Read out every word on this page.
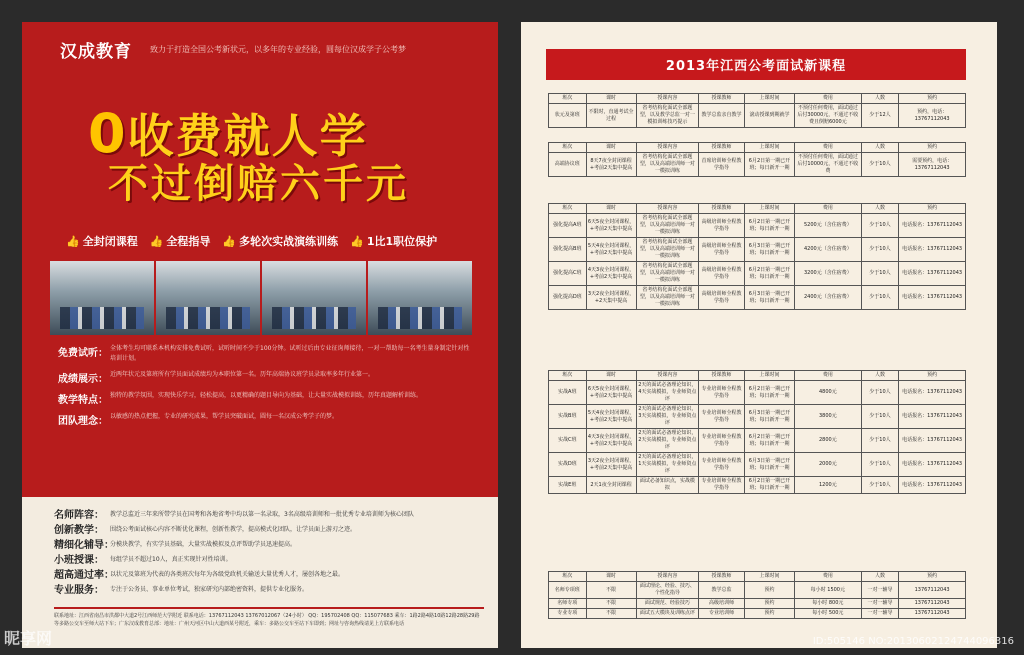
汉成教育 致力于打造全国公考新状元，以多年的专业经验，圆每位汉成学子公考梦
0收费就人学
不过倒赔六千元
👍 全封闭课程 👍 全程指导 👍 多轮次实战演练训练 👍 1比1职位保护
免费试听： 全体考生均可联系本机构安排免费试听，试听时间不少于100分钟。试听过后由专业征询师接待，一对一帮助每一名考生量身制定针对性培训计划。
成绩展示： 近两年状元及第班所有学员面试成绩均为本职位第一名。历年高端协议班学员录取率多年行业第一。
教学特点： 独特的教学氛围，实现快乐学习，轻松提高，以更精确的题目导向为基础，让大量实战模拟训练，历年真题解析训练。
团队理念： 以敏感的热点把握，专业的研究成果，帮学员突破面试，圆每一名汉成公考学子的梦。
名师阵容：	教学总监近三年来所带学员在国考和各地省考中均以第一名录取，3名高级培训师和一批优秀专业培训师为核心团队
创新教学：	围绕公考面试核心内容不断优化课程，创新性教学，提高模式化团队，让学员面上游刃之迹。
精细化辅导：
分模块教学，有实学员基础，大量实战模拟及点评帮助学员迅速提高。
小班授课：	每组学员不超过10人，真正实现针对性培训。
超高通过率：
以状元及第班为代表的各类班次每年为各级党政机关输送大量优秀人才，屡创各地之最。
专业服务：	专注于公务员、事业单位考试，独家研究内部绝密资料，提供专业化服务。
联系地址：江西省南昌市洪都中大道2号江西师范大学附近 联系电话：13767112043 13767012067（24小时） QQ：195702408 QQ：115077683 乘车：1路2路4路10路12路28路29路等多路公交车至师大站下车；广东汉成教育总部：地址：广州天河区中山大道西某号附近，乘车：多路公交车至站下车即到；网址与咨询热线请见上方联系电话
2013年江西公考面试新课程
班次	课时	授课内容	授课教师	上课时间	费用	人数	预约
状元及第班	不限时，直通考试全过程	省考结构化面试全部题型，以及教学总监一对一模拟训练技巧提示	教学总监亲自教学	滚动授课到期就学	不预付任何费用，面试通过后付30000元，不通过不收费且倒赔6000元	少于12人	预约，电话：13767112043
班次	课时	授课内容	授课教师	上课时间	费用	人数	预约
高端协议班	8天7夜全封闭课程+考前2天集中提高	省考结构化面试全部题型，以及高端培训师一对一模拟训练	首席培训师全程教学指导	6月2日第一期已开班；每日新开一期	不预付任何费用，面试通过后付10000元，不通过不收费	少于10人	需要预约，电话：13767112043
班次	课时	授课内容	授课教师	上课时间	费用	人数	预约
强化提高A班	6天5夜全封闭课程，+考前2天集中提高	省考结构化面试全部题型，以及高端培训师一对一模拟训练	高级培训师全程教学指导	6月2日第一期已开班；每日新开一期	5200元（含住宿费）	少于10人	电话报名：13767112043
强化提高B班	5天4夜全封闭课程，+考前2天集中提高	省考结构化面试全部题型，以及高端培训师一对一模拟训练	高级培训师全程教学指导	6月3日第一期已开班；每日新开一期	4200元（含住宿费）	少于10人	电话报名：13767112043
强化提高C班	4天3夜全封闭课程，+考前2天集中提高	省考结构化面试全部题型，以及高端培训师一对一模拟训练	高级培训师全程教学指导	6月2日第一期已开班；每日新开一期	3200元（含住宿费）	少于10人	电话报名：13767112043
强化提高D班	3天2夜全封闭课程，+2天集中提高	省考结构化面试全部题型，以及高端培训师一对一模拟训练	高级培训师全程教学指导	6月3日第一期已开班；每日新开一期	2400元（含住宿费）	少于10人	电话报名：13767112043
班次	课时	授课内容	授课教师	上课时间	费用	人数	预约
实战A班	6天5夜全封闭课程，+考前2天集中提高	2天的面试必备理论知识，4天实战模拟，专业师资点评	专业培训师全程教学指导	6月2日第一期已开班；每日新开一期	4800元	少于10人	电话报名：13767112043
实战B班	5天4夜全封闭课程，+考前2天集中提高	2天的面试必备理论知识，3天实战模拟，专业师资点评	专业培训师全程教学指导	6月3日第一期已开班；每日新开一期	3800元	少于10人	电话报名：13767112043
实战C班	4天3夜全封闭课程，+考前2天集中提高	2天的面试必备理论知识，2天实战模拟，专业师资点评	专业培训师全程教学指导	6月2日第一期已开班；每日新开一期	2800元	少于10人	电话报名：13767112043
实战D班	3天2夜全封闭课程，+考前2天集中提高	2天的面试必备理论知识，1天实战模拟，专业师资点评	专业培训师全程教学指导	6月3日第一期已开班；每日新开一期	2000元	少于10人	电话报名：13767112043
实战E班	2天1夜全封闭课程	面试必备知识点，实战模拟	专业培训师全程教学指导	6月2日第一期已开班；每日新开一期	1200元	少于10人	电话报名：13767112043
班次	课时	授课内容	授课教师	上课时间	费用	人数	预约
名师专项班	不限	面试理论、经验、技巧、个性化指导	教学总监	预约	每小时 1500元	一对一辅导	13767112043
名师专项	不限	面试规范、经验技巧	高级培训师	预约	每小时 800元	一对一辅导	13767112043
专业专项	不限	面试五大模块及训练点评	专业培训师	预约	每小时 500元	一对一辅导	13767112043
昵享网	ID:505146 NO:20130602124744096316
